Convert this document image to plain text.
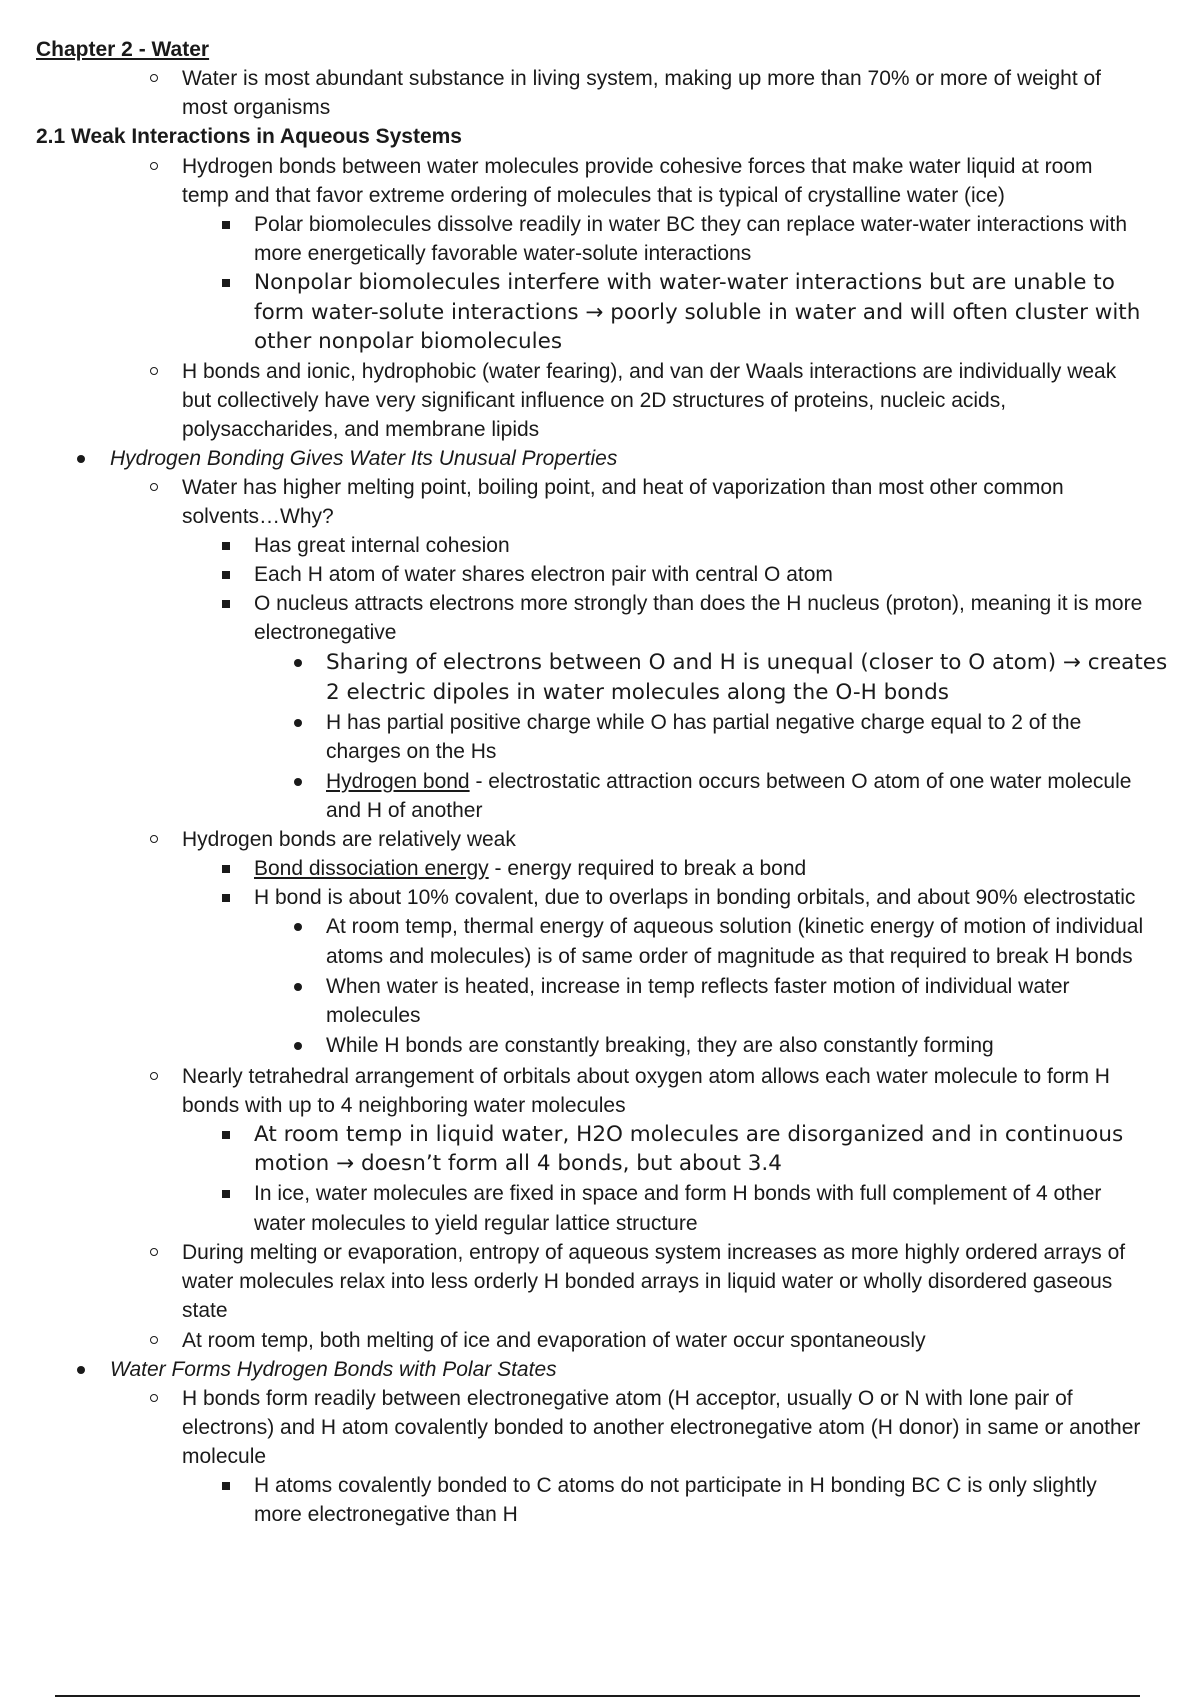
Chapter 2 - Water
Water is most abundant substance in living system, making up more than 70% or more of weight of
most organisms
2.1 Weak Interactions in Aqueous Systems
Hydrogen bonds between water molecules provide cohesive forces that make water liquid at room
temp and that favor extreme ordering of molecules that is typical of crystalline water (ice)
Polar biomolecules dissolve readily in water BC they can replace water-water interactions with
more energetically favorable water-solute interactions
Nonpolar biomolecules interfere with water-water interactions but are unable to
form water-solute interactions → poorly soluble in water and will often cluster with
other nonpolar biomolecules
H bonds and ionic, hydrophobic (water fearing), and van der Waals interactions are individually weak
but collectively have very significant influence on 2D structures of proteins, nucleic acids,
polysaccharides, and membrane lipids
Hydrogen Bonding Gives Water Its Unusual Properties
Water has higher melting point, boiling point, and heat of vaporization than most other common
solvents…Why?
Has great internal cohesion
Each H atom of water shares electron pair with central O atom
O nucleus attracts electrons more strongly than does the H nucleus (proton), meaning it is more
electronegative
Sharing of electrons between O and H is unequal (closer to O atom) → creates
2 electric dipoles in water molecules along the O-H bonds
H has partial positive charge while O has partial negative charge equal to 2 of the
charges on the Hs
Hydrogen bond - electrostatic attraction occurs between O atom of one water molecule
and H of another
Hydrogen bonds are relatively weak
Bond dissociation energy - energy required to break a bond
H bond is about 10% covalent, due to overlaps in bonding orbitals, and about 90% electrostatic
At room temp, thermal energy of aqueous solution (kinetic energy of motion of individual
atoms and molecules) is of same order of magnitude as that required to break H bonds
When water is heated, increase in temp reflects faster motion of individual water
molecules
While H bonds are constantly breaking, they are also constantly forming
Nearly tetrahedral arrangement of orbitals about oxygen atom allows each water molecule to form H
bonds with up to 4 neighboring water molecules
At room temp in liquid water, H2O molecules are disorganized and in continuous
motion → doesn’t form all 4 bonds, but about 3.4
In ice, water molecules are fixed in space and form H bonds with full complement of 4 other
water molecules to yield regular lattice structure
During melting or evaporation, entropy of aqueous system increases as more highly ordered arrays of
water molecules relax into less orderly H bonded arrays in liquid water or wholly disordered gaseous
state
At room temp, both melting of ice and evaporation of water occur spontaneously
Water Forms Hydrogen Bonds with Polar States
H bonds form readily between electronegative atom (H acceptor, usually O or N with lone pair of
electrons) and H atom covalently bonded to another electronegative atom (H donor) in same or another
molecule
H atoms covalently bonded to C atoms do not participate in H bonding BC C is only slightly
more electronegative than H
